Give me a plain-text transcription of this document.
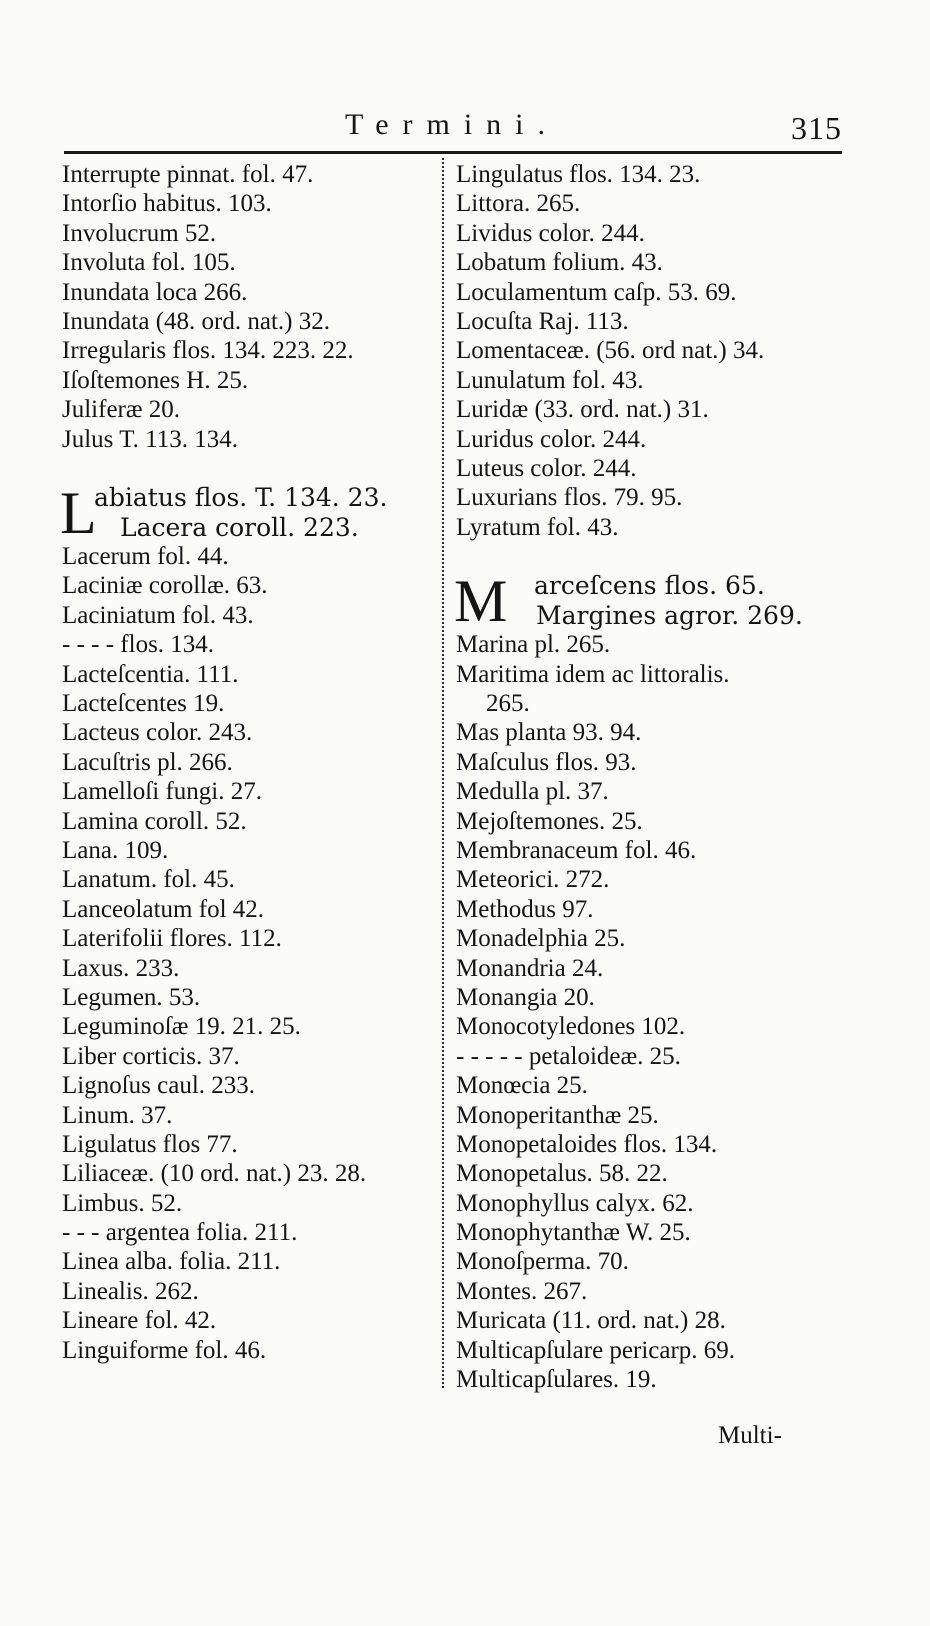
Termini.	315
Interrupte pinnat. fol. 47.
Intorſio habitus. 103.
Involucrum 52.
Involuta fol. 105.
Inundata loca 266.
Inundata (48. ord. nat.) 32.
Irregularis flos. 134. 223. 22.
Iſoſtemones H. 25.
Juliferæ 20.
Julus T. 113. 134.
L
abiatus flos. T. 134. 23.
Lacera coroll. 223.
Lacerum fol. 44.
Laciniæ corollæ. 63.
Laciniatum fol. 43.
- - - - flos. 134.
Lacteſcentia. 111.
Lacteſcentes 19.
Lacteus color. 243.
Lacuſtris pl. 266.
Lamelloſi fungi. 27.
Lamina coroll. 52.
Lana. 109.
Lanatum. fol. 45.
Lanceolatum fol 42.
Laterifolii flores. 112.
Laxus. 233.
Legumen. 53.
Leguminoſæ 19. 21. 25.
Liber corticis. 37.
Lignoſus caul. 233.
Linum. 37.
Ligulatus flos 77.
Liliaceæ. (10 ord. nat.) 23. 28.
Limbus. 52.
- - - argentea folia. 211.
Linea alba. folia. 211.
Linealis. 262.
Lineare fol. 42.
Linguiforme fol. 46.
Lingulatus flos. 134. 23.
Littora. 265.
Lividus color. 244.
Lobatum folium. 43.
Loculamentum caſp. 53. 69.
Locuſta Raj. 113.
Lomentaceæ. (56. ord nat.) 34.
Lunulatum fol. 43.
Luridæ (33. ord. nat.) 31.
Luridus color. 244.
Luteus color. 244.
Luxurians flos. 79. 95.
Lyratum fol. 43.
M arceſcens flos. 65.
Margines agror. 269.
Marina pl. 265.
Maritima idem ac littoralis.
265.
Mas planta 93. 94.
Maſculus flos. 93.
Medulla pl. 37.
Mejoſtemones. 25.
Membranaceum fol. 46.
Meteorici. 272.
Methodus 97.
Monadelphia 25.
Monandria 24.
Monangia 20.
Monocotyledones 102.
- - - - - petaloideæ. 25.
Monœcia 25.
Monoperitanthæ 25.
Monopetaloides flos. 134.
Monopetalus. 58. 22.
Monophyllus calyx. 62.
Monophytanthæ W. 25.
Monoſperma. 70.
Montes. 267.
Muricata (11. ord. nat.) 28.
Multicapſulare pericarp. 69.
Multicapſulares. 19.
Multi-
